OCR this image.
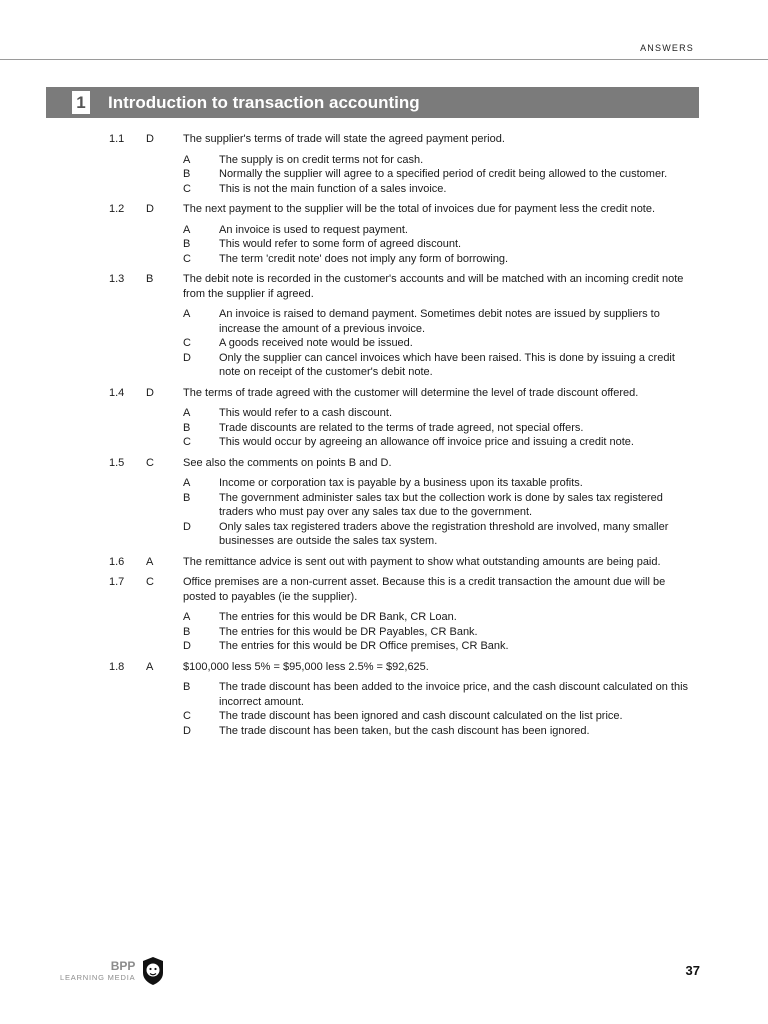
ANSWERS
1 Introduction to transaction accounting
1.1 D	The supplier's terms of trade will state the agreed payment period.
A	The supply is on credit terms not for cash.
B	Normally the supplier will agree to a specified period of credit being allowed to the customer.
C	This is not the main function of a sales invoice.
1.2 D	The next payment to the supplier will be the total of invoices due for payment less the credit note.
A	An invoice is used to request payment.
B	This would refer to some form of agreed discount.
C	The term 'credit note' does not imply any form of borrowing.
1.3 B	The debit note is recorded in the customer's accounts and will be matched with an incoming credit note from the supplier if agreed.
A	An invoice is raised to demand payment. Sometimes debit notes are issued by suppliers to increase the amount of a previous invoice.
C	A goods received note would be issued.
D	Only the supplier can cancel invoices which have been raised. This is done by issuing a credit note on receipt of the customer's debit note.
1.4 D	The terms of trade agreed with the customer will determine the level of trade discount offered.
A	This would refer to a cash discount.
B	Trade discounts are related to the terms of trade agreed, not special offers.
C	This would occur by agreeing an allowance off invoice price and issuing a credit note.
1.5 C	See also the comments on points B and D.
A	Income or corporation tax is payable by a business upon its taxable profits.
B	The government administer sales tax but the collection work is done by sales tax registered traders who must pay over any sales tax due to the government.
D	Only sales tax registered traders above the registration threshold are involved, many smaller businesses are outside the sales tax system.
1.6 A	The remittance advice is sent out with payment to show what outstanding amounts are being paid.
1.7 C	Office premises are a non-current asset. Because this is a credit transaction the amount due will be posted to payables (ie the supplier).
A	The entries for this would be DR Bank, CR Loan.
B	The entries for this would be DR Payables, CR Bank.
D	The entries for this would be DR Office premises, CR Bank.
1.8 A	$100,000 less 5% = $95,000 less 2.5% = $92,625.
B	The trade discount has been added to the invoice price, and the cash discount calculated on this incorrect amount.
C	The trade discount has been ignored and cash discount calculated on the list price.
D	The trade discount has been taken, but the cash discount has been ignored.
BPP
LEARNING MEDIA	37
